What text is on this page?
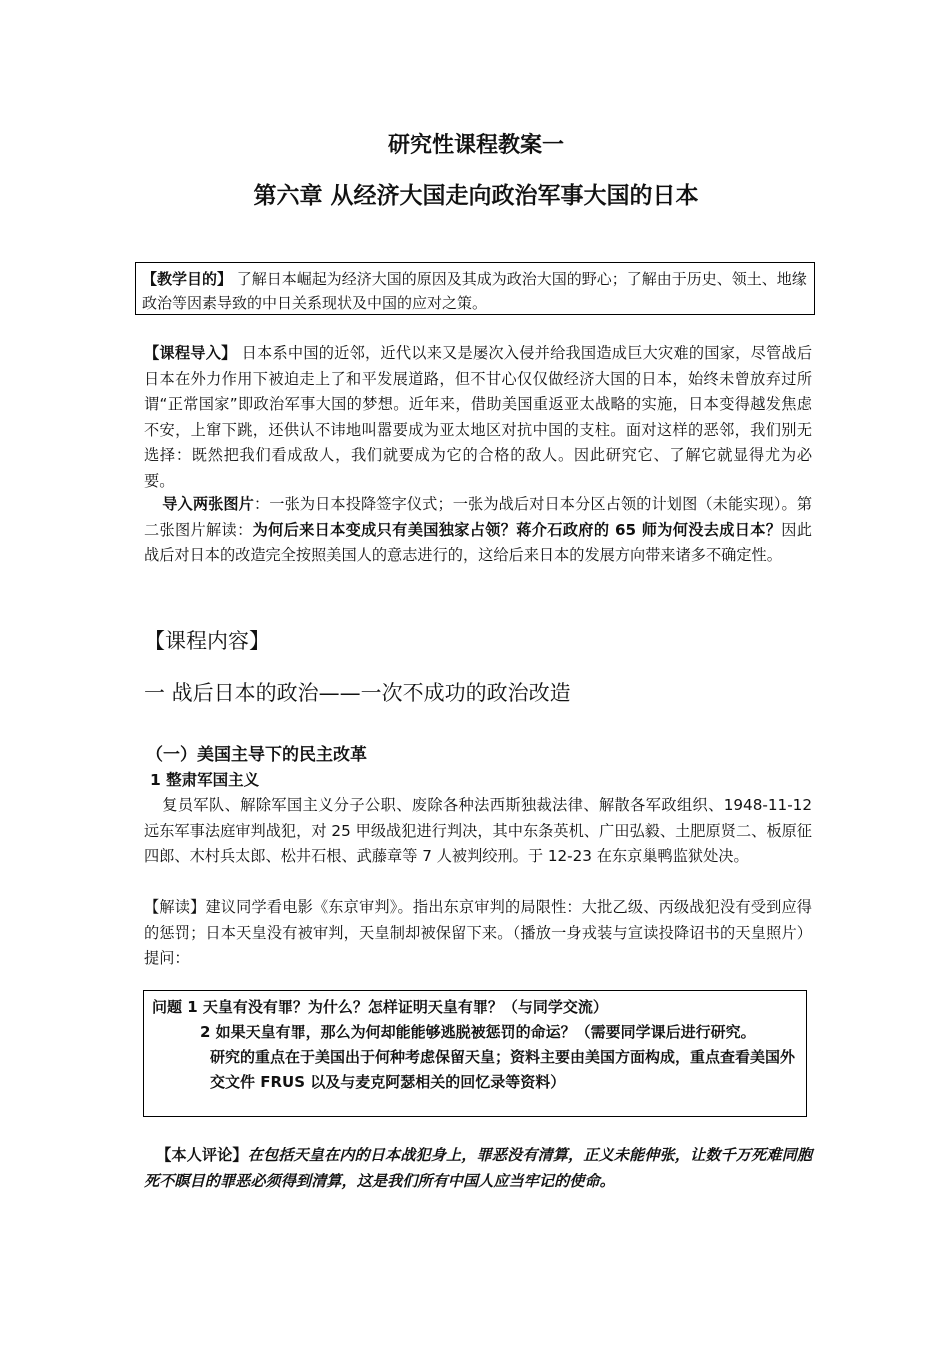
研究性课程教案一
第六章 从经济大国走向政治军事大国的日本
【教学目的】 了解日本崛起为经济大国的原因及其成为政治大国的野心；了解由于历史、领土、地缘政治等因素导致的中日关系现状及中国的应对之策。
【课程导入】 日本系中国的近邻，近代以来又是屡次入侵并给我国造成巨大灾难的国家，尽管战后日本在外力作用下被迫走上了和平发展道路，但不甘心仅仅做经济大国的日本，始终未曾放弃过所谓“正常国家”即政治军事大国的梦想。近年来，借助美国重返亚太战略的实施，日本变得越发焦虑不安，上窜下跳，还供认不讳地叫嚣要成为亚太地区对抗中国的支柱。面对这样的恶邻，我们别无选择：既然把我们看成敌人，我们就要成为它的合格的敌人。因此研究它、了解它就显得尤为必要。
导入两张图片：一张为日本投降签字仪式；一张为战后对日本分区占领的计划图（未能实现）。第二张图片解读：为何后来日本变成只有美国独家占领？蒋介石政府的 65 师为何没去成日本？因此战后对日本的改造完全按照美国人的意志进行的，这给后来日本的发展方向带来诸多不确定性。
【课程内容】
一 战后日本的政治——一次不成功的政治改造
（一）美国主导下的民主改革
1 整肃军国主义
复员军队、解除军国主义分子公职、废除各种法西斯独裁法律、解散各军政组织、1948-11-12 远东军事法庭审判战犯，对 25 甲级战犯进行判决，其中东条英机、广田弘毅、土肥原贤二、板原征四郎、木村兵太郎、松井石根、武藤章等 7 人被判绞刑。于 12-23 在东京巢鸭监狱处决。
【解读】建议同学看电影《东京审判》。指出东京审判的局限性：大批乙级、丙级战犯没有受到应得的惩罚；日本天皇没有被审判，天皇制却被保留下来。（播放一身戎装与宣读投降诏书的天皇照片）提问：
问题 1 天皇有没有罪？为什么？怎样证明天皇有罪？（与同学交流）
2 如果天皇有罪，那么为何却能能够逃脱被惩罚的命运？（需要同学课后进行研究。
研究的重点在于美国出于何种考虑保留天皇；资料主要由美国方面构成，重点查看美国外交文件 FRUS 以及与麦克阿瑟相关的回忆录等资料）
【本人评论】在包括天皇在内的日本战犯身上，罪恶没有清算，正义未能伸张，让数千万死难同胞死不瞑目的罪恶必须得到清算，这是我们所有中国人应当牢记的使命。
